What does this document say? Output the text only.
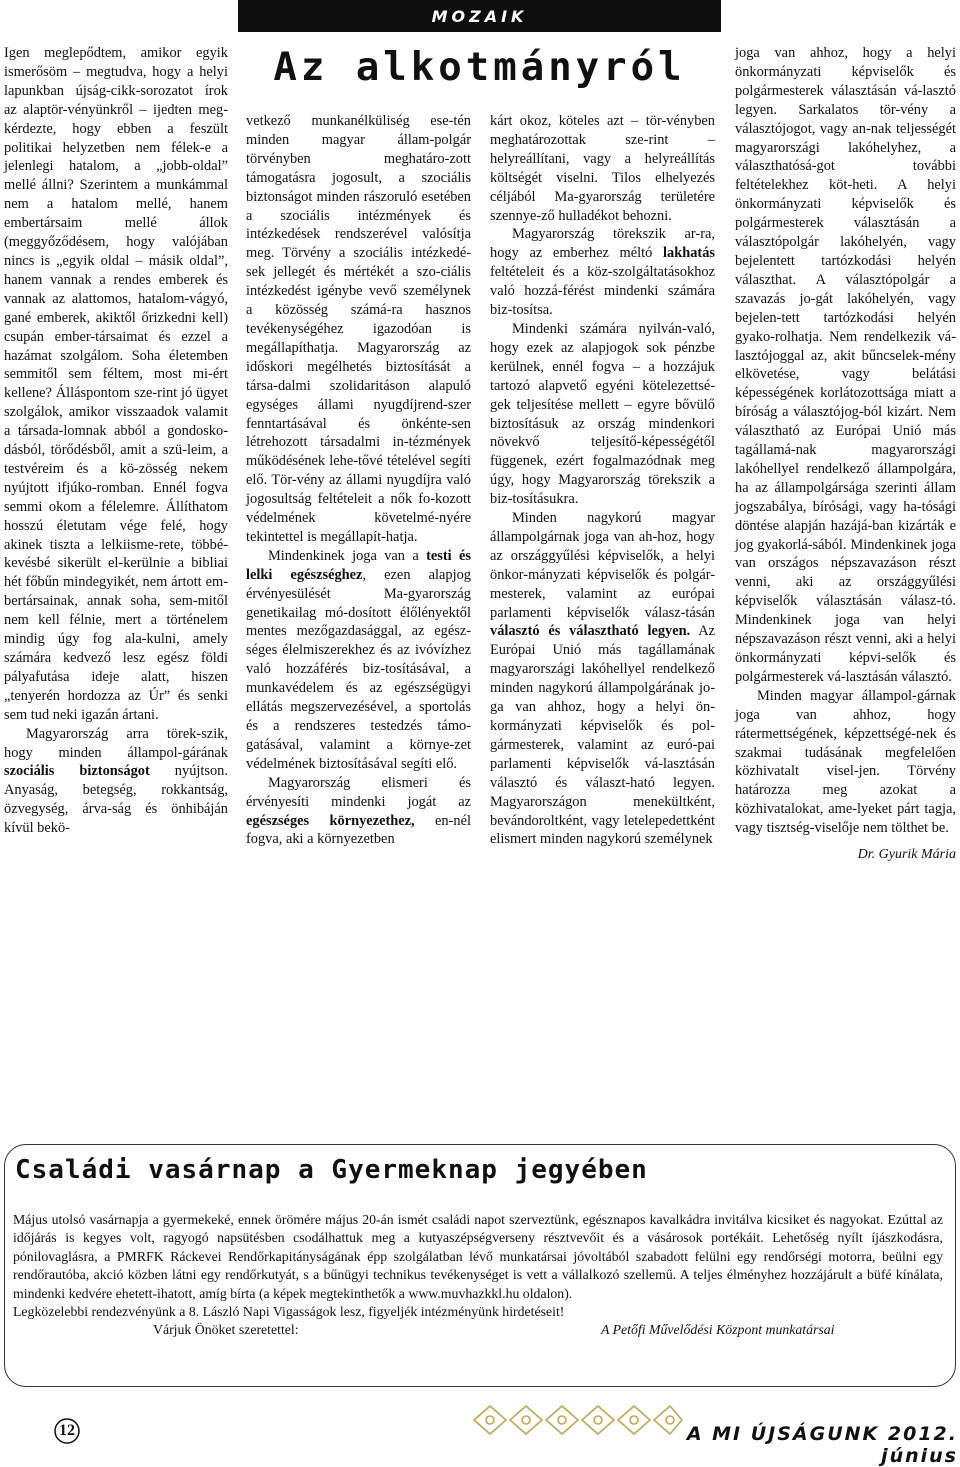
MOZAIK
Az alkotmányról

Igen meglepődtem, amikor egyik ismerősöm – megtudva, hogy a helyi lapunkban újság-cikk-sorozatot írok az alaptör-vényünkről – ijedten meg-kérdezte, hogy ebben a feszült politikai helyzetben nem félek-e a jelenlegi hatalom, a „jobb-oldal” mellé állni? Szerintem a munkámmal nem a hatalom mellé, hanem embertársaim mellé állok (meggyőződésem, hogy valójában nincs is „egyik oldal – másik oldal”, hanem vannak a rendes emberek és vannak az alattomos, hatalom-vágyó, gané emberek, akiktől őrizkedni kell) csupán ember-társaimat és ezzel a hazámat szolgálom. Soha életemben semmitől sem féltem, most mi-ért kellene? Álláspontom sze-rint jó ügyet szolgálok, amikor visszaadok valamit a társada-lomnak abból a gondosko-dásból, törődésből, amit a szü-leim, a testvéreim és a kö-zösség nekem nyújtott ifjúko-romban. Ennél fogva semmi okom a félelemre. Állíthatom hosszú életutam vége felé, hogy akinek tiszta a lelkiisme-rete, többé-kevésbé sikerült el-kerülnie a bibliai hét főbűn mindegyikét, nem ártott em-bertársainak, annak soha, sem-mitől nem kell félnie, mert a történelem mindig úgy fog ala-kulni, amely számára kedvező lesz egész földi pályafutása ideje alatt, hiszen „tenyerén hordozza az Úr” és senki sem tud neki igazán ártani.

Magyarország arra törek-szik, hogy minden állampol-gárának szociális biztonságot nyújtson. Anyaság, betegség, rokkantság, özvegység, árva-ság és önhibáján kívül bekö-

vetkező munkanélküliség ese-tén minden magyar állam-polgár törvényben meghatáro-zott támogatásra jogosult, a szociális biztonságot minden rászoruló esetében a szociális intézmények és intézkedések rendszerével valósítja meg. Törvény a szociális intézkedé-sek jellegét és mértékét a szo-ciális intézkedést igénybe vevő személynek a közösség számá-ra hasznos tevékenységéhez igazodóan is megállapíthatja. Magyarország az időskori megélhetés biztosítását a társa-dalmi szolidaritáson alapuló egységes állami nyugdíjrend-szer fenntartásával és önkénte-sen létrehozott társadalmi in-tézmények működésének lehe-tővé tételével segíti elő. Tör-vény az állami nyugdíjra való jogosultság feltételeit a nők fo-kozott védelmének követelmé-nyére tekintettel is megállapít-hatja.

Mindenkinek joga van a testi és lelki egészséghez, ezen alapjog érvényesülését Ma-gyarország genetikailag mó-dosított élőlényektől mentes mezőgazdasággal, az egész-séges élelmiszerekhez és az ivóvízhez való hozzáférés biz-tosításával, a munkavédelem és az egészségügyi ellátás megszervezésével, a sportolás és a rendszeres testedzés támo-gatásával, valamint a környe-zet védelmének biztosításával segíti elő.

Magyarország elismeri és érvényesíti mindenki jogát az egészséges környezethez, en-nél fogva, aki a környezetben

kárt okoz, köteles azt – tör-vényben meghatározottak sze-rint – helyreállítani, vagy a helyreállítás költségét viselni. Tilos elhelyezés céljából Ma-gyarország területére szennye-ző hulladékot behozni.

Magyarország törekszik ar-ra, hogy az emberhez méltó lakhatás feltételeit és a köz-szolgáltatásokhoz való hozzá-férést mindenki számára biz-tosítsa.

Mindenki számára nyilván-való, hogy ezek az alapjogok sok pénzbe kerülnek, ennél fogva – a hozzájuk tartozó alapvető egyéni kötelezettsé-gek teljesítése mellett – egyre bővülő biztosításuk az ország mindenkori növekvő teljesítő-képességétől függenek, ezért fogalmazódnak meg úgy, hogy Magyarország törekszik a biz-tosításukra.

Minden nagykorú magyar állampolgárnak joga van ah-hoz, hogy az országgyűlési képviselők, a helyi önkor-mányzati képviselők és polgár-mesterek, valamint az európai parlamenti képviselők válasz-tásán választó és választható legyen. Az Európai Unió más tagállamának magyarországi lakóhellyel rendelkező minden nagykorú állampolgárának jo-ga van ahhoz, hogy a helyi ön-kormányzati képviselők és pol-gármesterek, valamint az euró-pai parlamenti képviselők vá-lasztásán választó és választ-ható legyen. Magyarországon menekültként, bevándoroltként, vagy letelepedettként elismert minden nagykorú személynek

joga van ahhoz, hogy a helyi önkormányzati képviselők és polgármesterek választásán vá-lasztó legyen. Sarkalatos tör-vény a választójogot, vagy an-nak teljességét magyarországi lakóhelyhez, a választhatósá-got további feltételekhez köt-heti. A helyi önkormányzati képviselők és polgármesterek választásán a választópolgár lakóhelyén, vagy bejelentett tartózkodási helyén választhat. A választópolgár a szavazás jo-gát lakóhelyén, vagy bejelen-tett tartózkodási helyén gyako-rolhatja. Nem rendelkezik vá-lasztójoggal az, akit bűncselek-mény elkövetése, vagy belátási képességének korlátozottsága miatt a bíróság a választójog-ból kizárt. Nem választható az Európai Unió más tagállamá-nak magyarországi lakóhellyel rendelkező állampolgára, ha az állampolgársága szerinti állam jogszabálya, bírósági, vagy ha-tósági döntése alapján hazájá-ban kizárták e jog gyakorlá-sából. Mindenkinek joga van országos népszavazáson részt venni, aki az országgyűlési képviselők választásán válasz-tó. Mindenkinek joga van helyi népszavazáson részt venni, aki a helyi önkormányzati képvi-selők és polgármesterek vá-lasztásán választó.

Minden magyar állampol-gárnak joga van ahhoz, hogy rátermettségének, képzettségé-nek és szakmai tudásának megfelelően közhivatalt visel-jen. Törvény határozza meg azokat a közhivatalokat, ame-lyeket párt tagja, vagy tisztség-viselője nem tölthet be.

Dr. Gyurik Mária

Családi vasárnap a Gyermeknap jegyében

Május utolsó vasárnapja a gyermekeké, ennek örömére május 20-án ismét családi napot szerveztünk, egésznapos kavalkádra invitálva kicsiket és nagyokat. Ezúttal az időjárás is kegyes volt, ragyogó napsütésben csodálhattuk meg a kutyaszépségverseny résztvevőit és a vásárosok portékáit. Lehetőség nyílt íjászkodásra, pónilovaglásra, a PMRFK Ráckevei Rendőrkapitányságának épp szolgálatban lévő munkatársai jóvoltából szabadott felülni egy rendőrségi motorra, beülni egy rendőrautóba, akció közben látni egy rendőrkutyát, s a bűnügyi technikus tevékenységet is vett a vállalkozó szellemű. A teljes élményhez hozzájárult a büfé kínálata, mindenki kedvére ehetett-ihatott, amíg bírta (a képek megtekinthetők a www.muvhazkkl.hu oldalon).

Legközelebbi rendezvényünk a 8. László Napi Vigasságok lesz, figyeljék intézményünk hirdetéseit!

Várjuk Önöket szeretettel:	A Petőfi Művelődési Központ munkatársai
12	A MI ÚJSÁGUNK 2012. június
